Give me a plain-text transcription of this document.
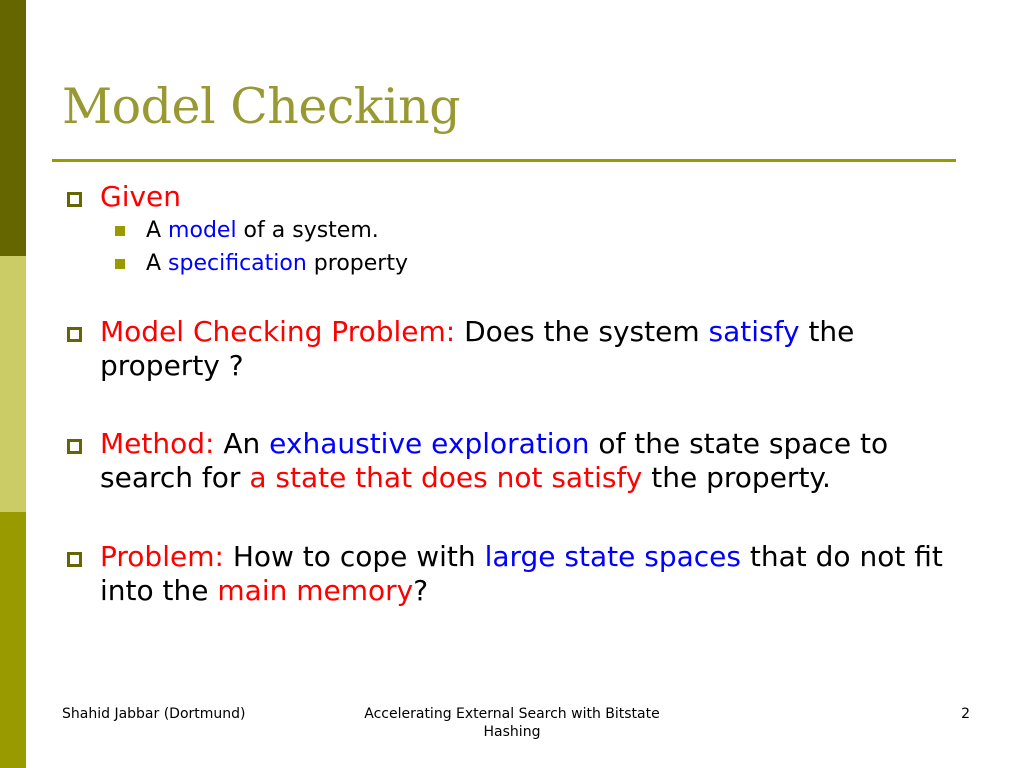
Model Checking
Given
A model of a system.
A specification property
Model Checking Problem: Does the system satisfy the property ?
Method: An exhaustive exploration of the state space to search for a state that does not satisfy the property.
Problem: How to cope with large state spaces that do not fit into the main memory?
Shahid Jabbar (Dortmund)	Accelerating External Search with Bitstate Hashing
2
